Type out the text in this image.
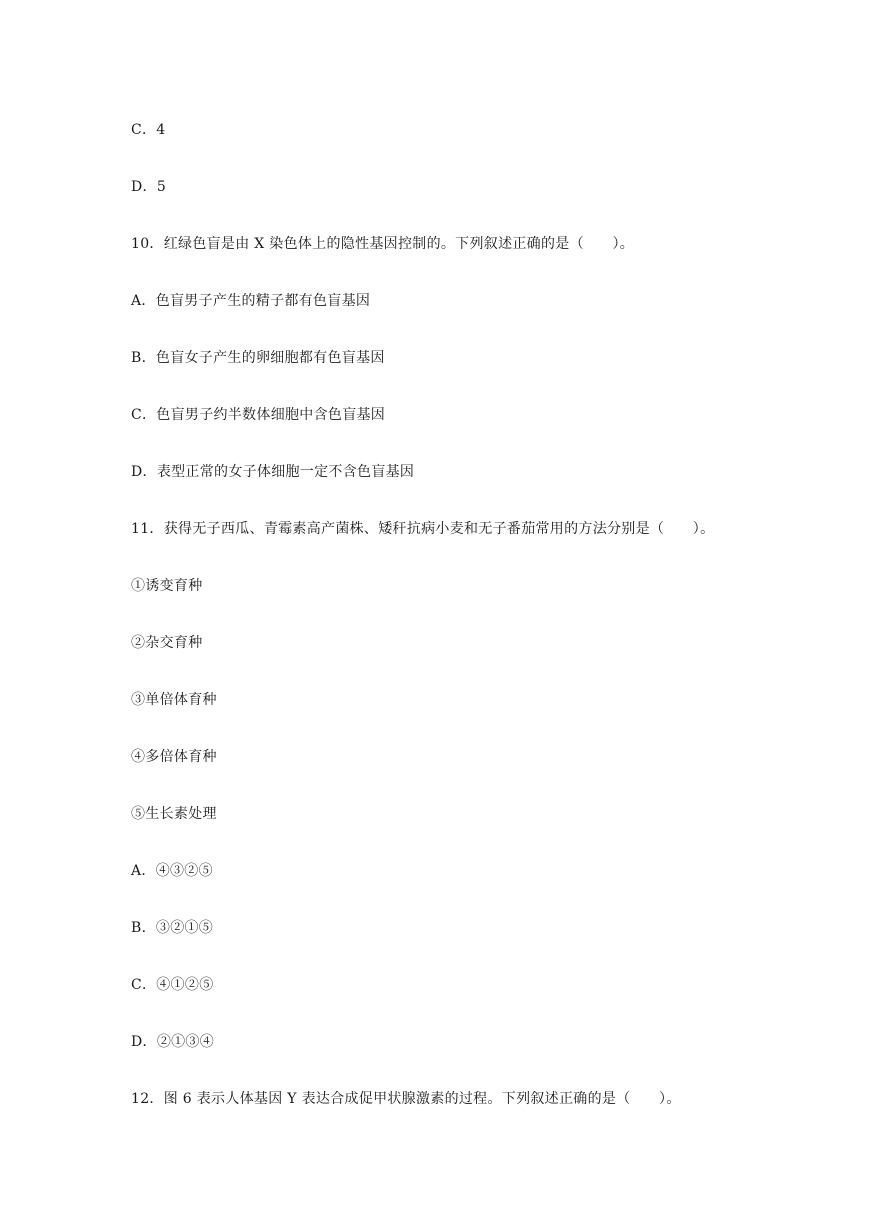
C．4
D．5
10．红绿色盲是由 X 染色体上的隐性基因控制的。下列叙述正确的是（　　）。
A．色盲男子产生的精子都有色盲基因
B．色盲女子产生的卵细胞都有色盲基因
C．色盲男子约半数体细胞中含色盲基因
D．表型正常的女子体细胞一定不含色盲基因
11．获得无子西瓜、青霉素高产菌株、矮秆抗病小麦和无子番茄常用的方法分别是（　　）。
①诱变育种
②杂交育种
③单倍体育种
④多倍体育种
⑤生长素处理
A．④③②⑤
B．③②①⑤
C．④①②⑤
D．②①③④
12．图 6 表示人体基因 Y 表达合成促甲状腺激素的过程。下列叙述正确的是（　　）。
